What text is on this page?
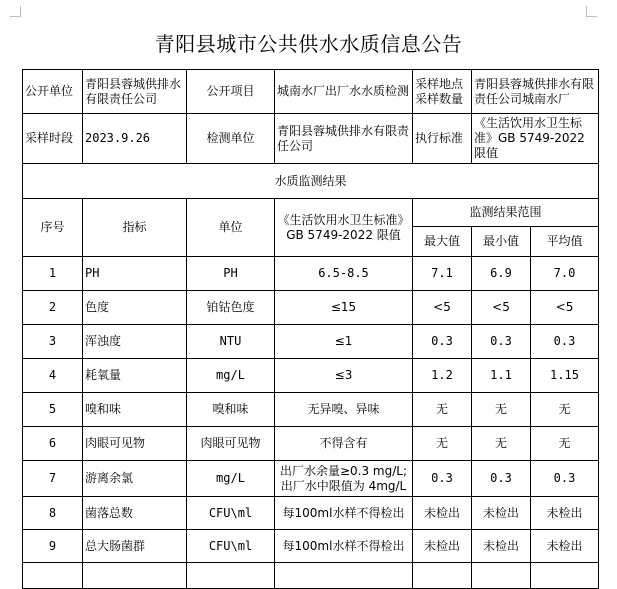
青阳县城市公共供水水质信息公告
公开单位	青阳县蓉城供排水有限责任公司	公开项目	城南水厂出厂水水质检测	采样地点采样数量	青阳县蓉城供排水有限责任公司城南水厂	
采样时段	2023.9.26	检测单位	青阳县蓉城供排水有限责任公司	执行标准	《生活饮用水卫生标准》GB 5749-2022 限值	
水质监测结果						
序号	指标	单位	《生活饮用水卫生标准》GB 5749-2022 限值	监测结果范围		
				最大值	最小值	平均值
1	PH	PH	6.5-8.5	7.1	6.9	7.0
2	色度	铂钴色度	≤15	<5	<5	<5
3	浑浊度	NTU	≤1	0.3	0.3	0.3
4	耗氧量	mg/L	≤3	1.2	1.1	1.15
5	嗅和味	嗅和味	无异嗅、异味	无	无	无
6	肉眼可见物	肉眼可见物	不得含有	无	无	无
7	游离余氯	mg/L	出厂水余量≥0.3 mg/L; 出厂水中限值为 4mg/L	0.3	0.3	0.3
8	菌落总数	CFU\ml	每100ml水样不得检出	未检出	未检出	未检出
9	总大肠菌群	CFU\ml	每100ml水样不得检出	未检出	未检出	未检出
